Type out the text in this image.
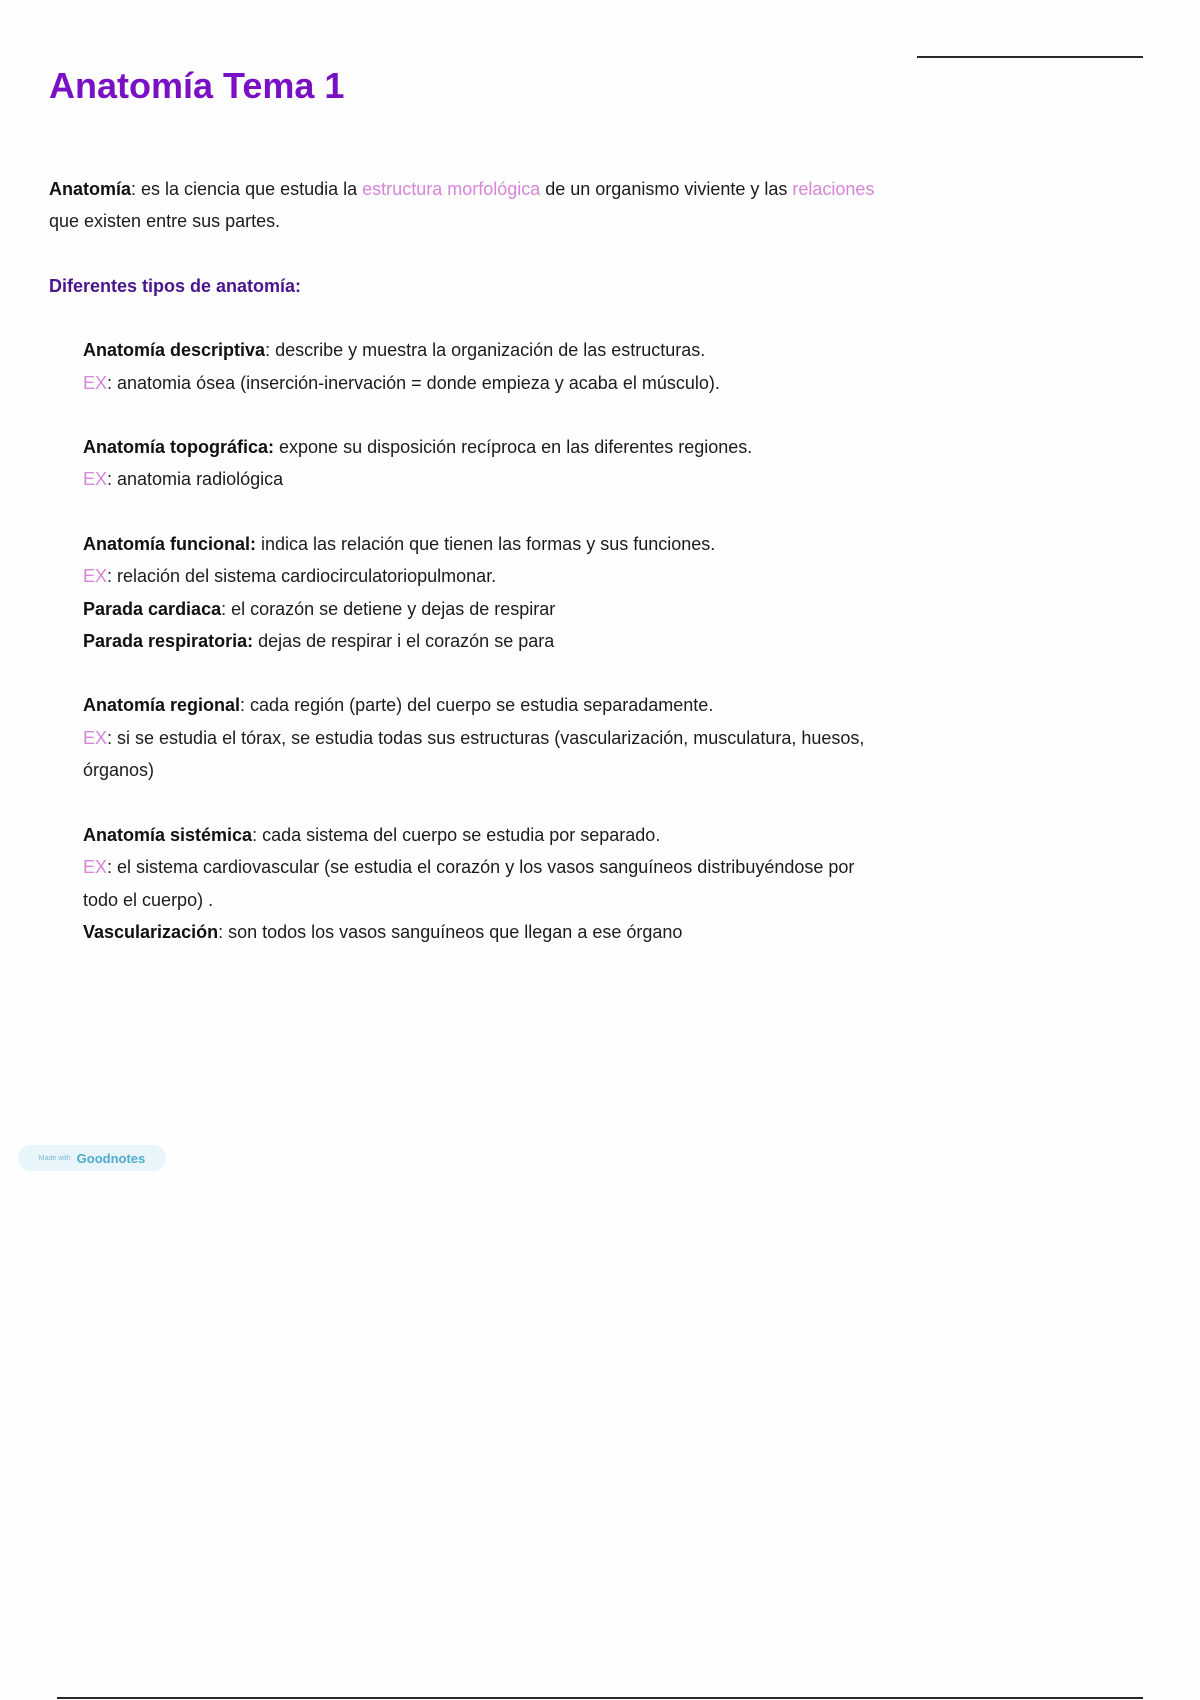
Anatomía Tema 1

Anatomía: es la ciencia que estudia la estructura morfológica de un organismo viviente y las relaciones que existen entre sus partes.

Diferentes tipos de anatomía:

Anatomía descriptiva: describe y muestra la organización de las estructuras.

EX: anatomia ósea (inserción-inervación = donde empieza y acaba el músculo).

Anatomía topográfica: expone su disposición recíproca en las diferentes regiones.

EX: anatomia radiológica

Anatomía funcional: indica las relación que tienen las formas y sus funciones.

EX: relación del sistema cardiocirculatoriopulmonar.

Parada cardiaca: el corazón se detiene y dejas de respirar

Parada respiratoria: dejas de respirar i el corazón se para

Anatomía regional: cada región (parte) del cuerpo se estudia separadamente.

EX: si se estudia el tórax, se estudia todas sus estructuras (vascularización, musculatura, huesos, órganos)

Anatomía sistémica: cada sistema del cuerpo se estudia por separado.

EX: el sistema cardiovascular (se estudia el corazón y los vasos sanguíneos distribuyéndose por todo el cuerpo) .

Vascularización: son todos los vasos sanguíneos que llegan a ese órgano

Made with Goodnotes
